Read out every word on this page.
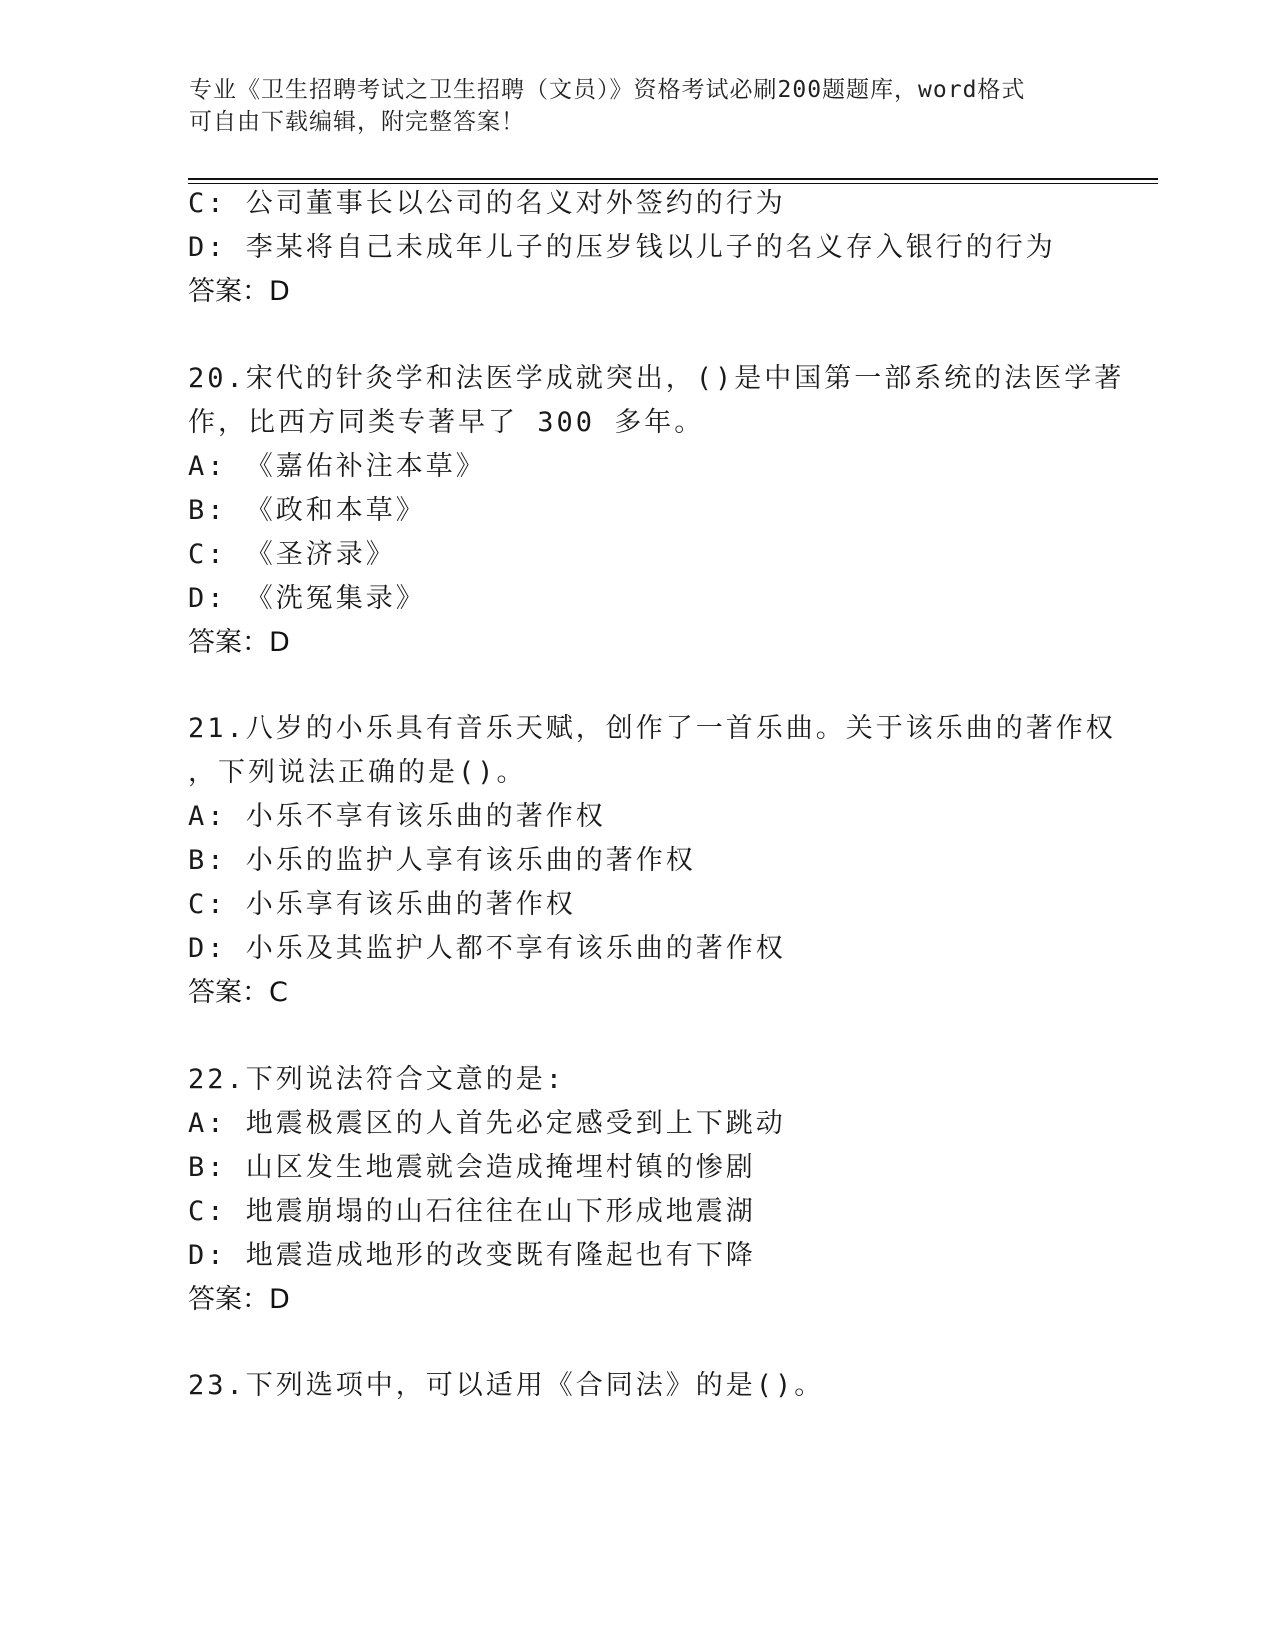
专业《卫生招聘考试之卫生招聘（文员）》资格考试必刷200题题库，word格式
可自由下载编辑，附完整答案！
C: 公司董事长以公司的名义对外签约的行为
D: 李某将自己未成年儿子的压岁钱以儿子的名义存入银行的行为
答案：D
20.宋代的针灸学和法医学成就突出，()是中国第一部系统的法医学著
作，比西方同类专著早了 300 多年。
A: 《嘉佑补注本草》
B: 《政和本草》
C: 《圣济录》
D: 《洗冤集录》
答案：D
21.八岁的小乐具有音乐天赋，创作了一首乐曲。关于该乐曲的著作权
，下列说法正确的是()。
A: 小乐不享有该乐曲的著作权
B: 小乐的监护人享有该乐曲的著作权
C: 小乐享有该乐曲的著作权
D: 小乐及其监护人都不享有该乐曲的著作权
答案：C
22.下列说法符合文意的是:
A: 地震极震区的人首先必定感受到上下跳动
B: 山区发生地震就会造成掩埋村镇的惨剧
C: 地震崩塌的山石往往在山下形成地震湖
D: 地震造成地形的改变既有隆起也有下降
答案：D
23.下列选项中，可以适用《合同法》的是()。
